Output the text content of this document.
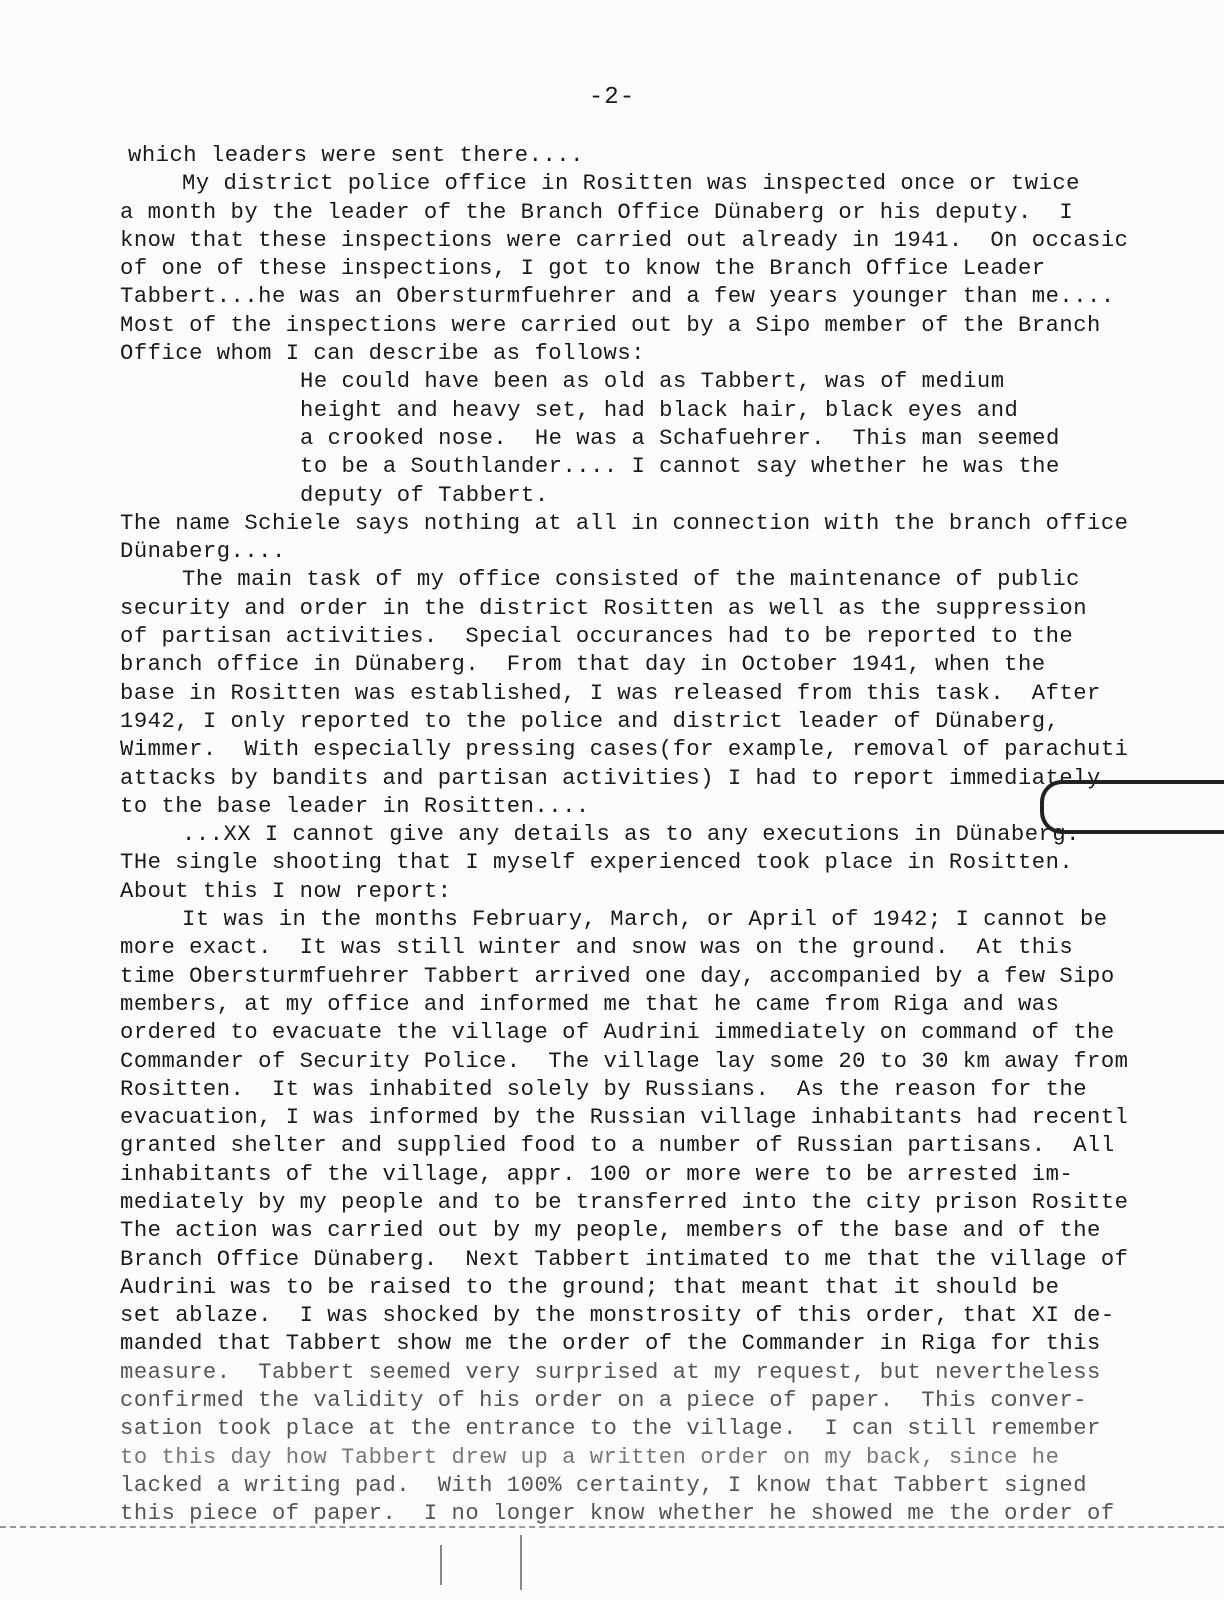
-2-
which leaders were sent there....
My district police office in Rositten was inspected once or twice
a month by the leader of the Branch Office Dünaberg or his deputy.  I
know that these inspections were carried out already in 1941.  On occasic
of one of these inspections, I got to know the Branch Office Leader
Tabbert...he was an Obersturmfuehrer and a few years younger than me....
Most of the inspections were carried out by a Sipo member of the Branch
Office whom I can describe as follows:
He could have been as old as Tabbert, was of medium
height and heavy set, had black hair, black eyes and
a crooked nose.  He was a Schafuehrer.  This man seemed
to be a Southlander.... I cannot say whether he was the
deputy of Tabbert.
The name Schiele says nothing at all in connection with the branch office
Dünaberg....
The main task of my office consisted of the maintenance of public
security and order in the district Rositten as well as the suppression
of partisan activities.  Special occurances had to be reported to the
branch office in Dünaberg.  From that day in October 1941, when the
base in Rositten was established, I was released from this task.  After
1942, I only reported to the police and district leader of Dünaberg,
Wimmer.  With especially pressing cases(for example, removal of parachuti
attacks by bandits and partisan activities) I had to report immediately
to the base leader in Rositten....
...XX I cannot give any details as to any executions in Dünaberg.
THe single shooting that I myself experienced took place in Rositten.
About this I now report:
It was in the months February, March, or April of 1942; I cannot be
more exact.  It was still winter and snow was on the ground.  At this
time Obersturmfuehrer Tabbert arrived one day, accompanied by a few Sipo
members, at my office and informed me that he came from Riga and was
ordered to evacuate the village of Audrini immediately on command of the
Commander of Security Police.  The village lay some 20 to 30 km away from
Rositten.  It was inhabited solely by Russians.  As the reason for the
evacuation, I was informed by the Russian village inhabitants had recentl
granted shelter and supplied food to a number of Russian partisans.  All
inhabitants of the village, appr. 100 or more were to be arrested im-
mediately by my people and to be transferred into the city prison Rositte
The action was carried out by my people, members of the base and of the
Branch Office Dünaberg.  Next Tabbert intimated to me that the village of
Audrini was to be raised to the ground; that meant that it should be
set ablaze.  I was shocked by the monstrosity of this order, that XI de-
manded that Tabbert show me the order of the Commander in Riga for this
measure.  Tabbert seemed very surprised at my request, but nevertheless
confirmed the validity of his order on a piece of paper.  This conver-
sation took place at the entrance to the village.  I can still remember
to this day how Tabbert drew up a written order on my back, since he
lacked a writing pad.  With 100% certainty, I know that Tabbert signed
this piece of paper.  I no longer know whether he showed me the order of
